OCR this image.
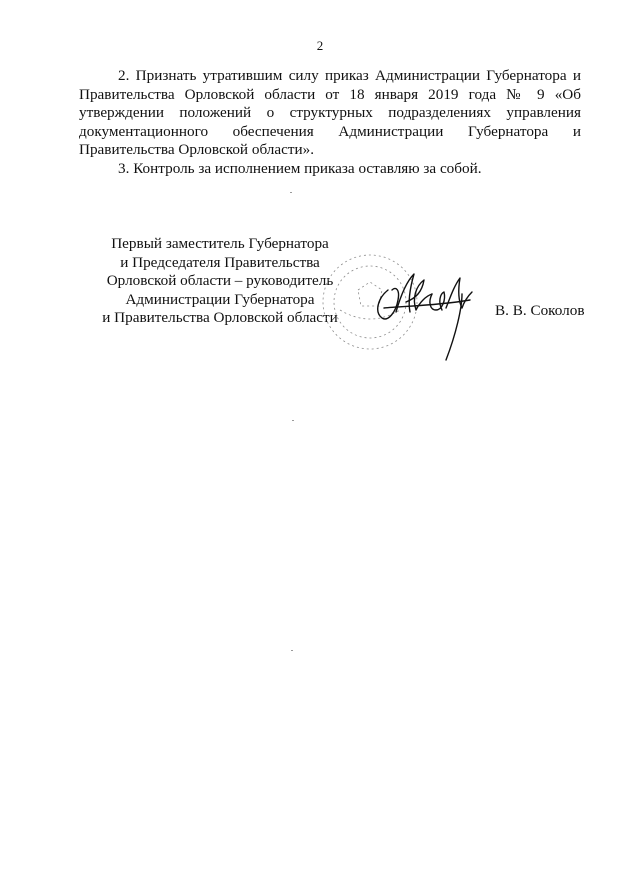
2

2. Признать утратившим силу приказ Администрации Губернатора и Правительства Орловской области от 18 января 2019 года № 9 «Об утверждении положений о структурных подразделениях управления документационного обеспечения Администрации Губернатора и Правительства Орловской области».

3. Контроль за исполнением приказа оставляю за собой.

Первый заместитель Губернатора
и Председателя Правительства
Орловской области – руководитель
Администрации Губернатора
и Правительства Орловской области	В. В. Соколов
